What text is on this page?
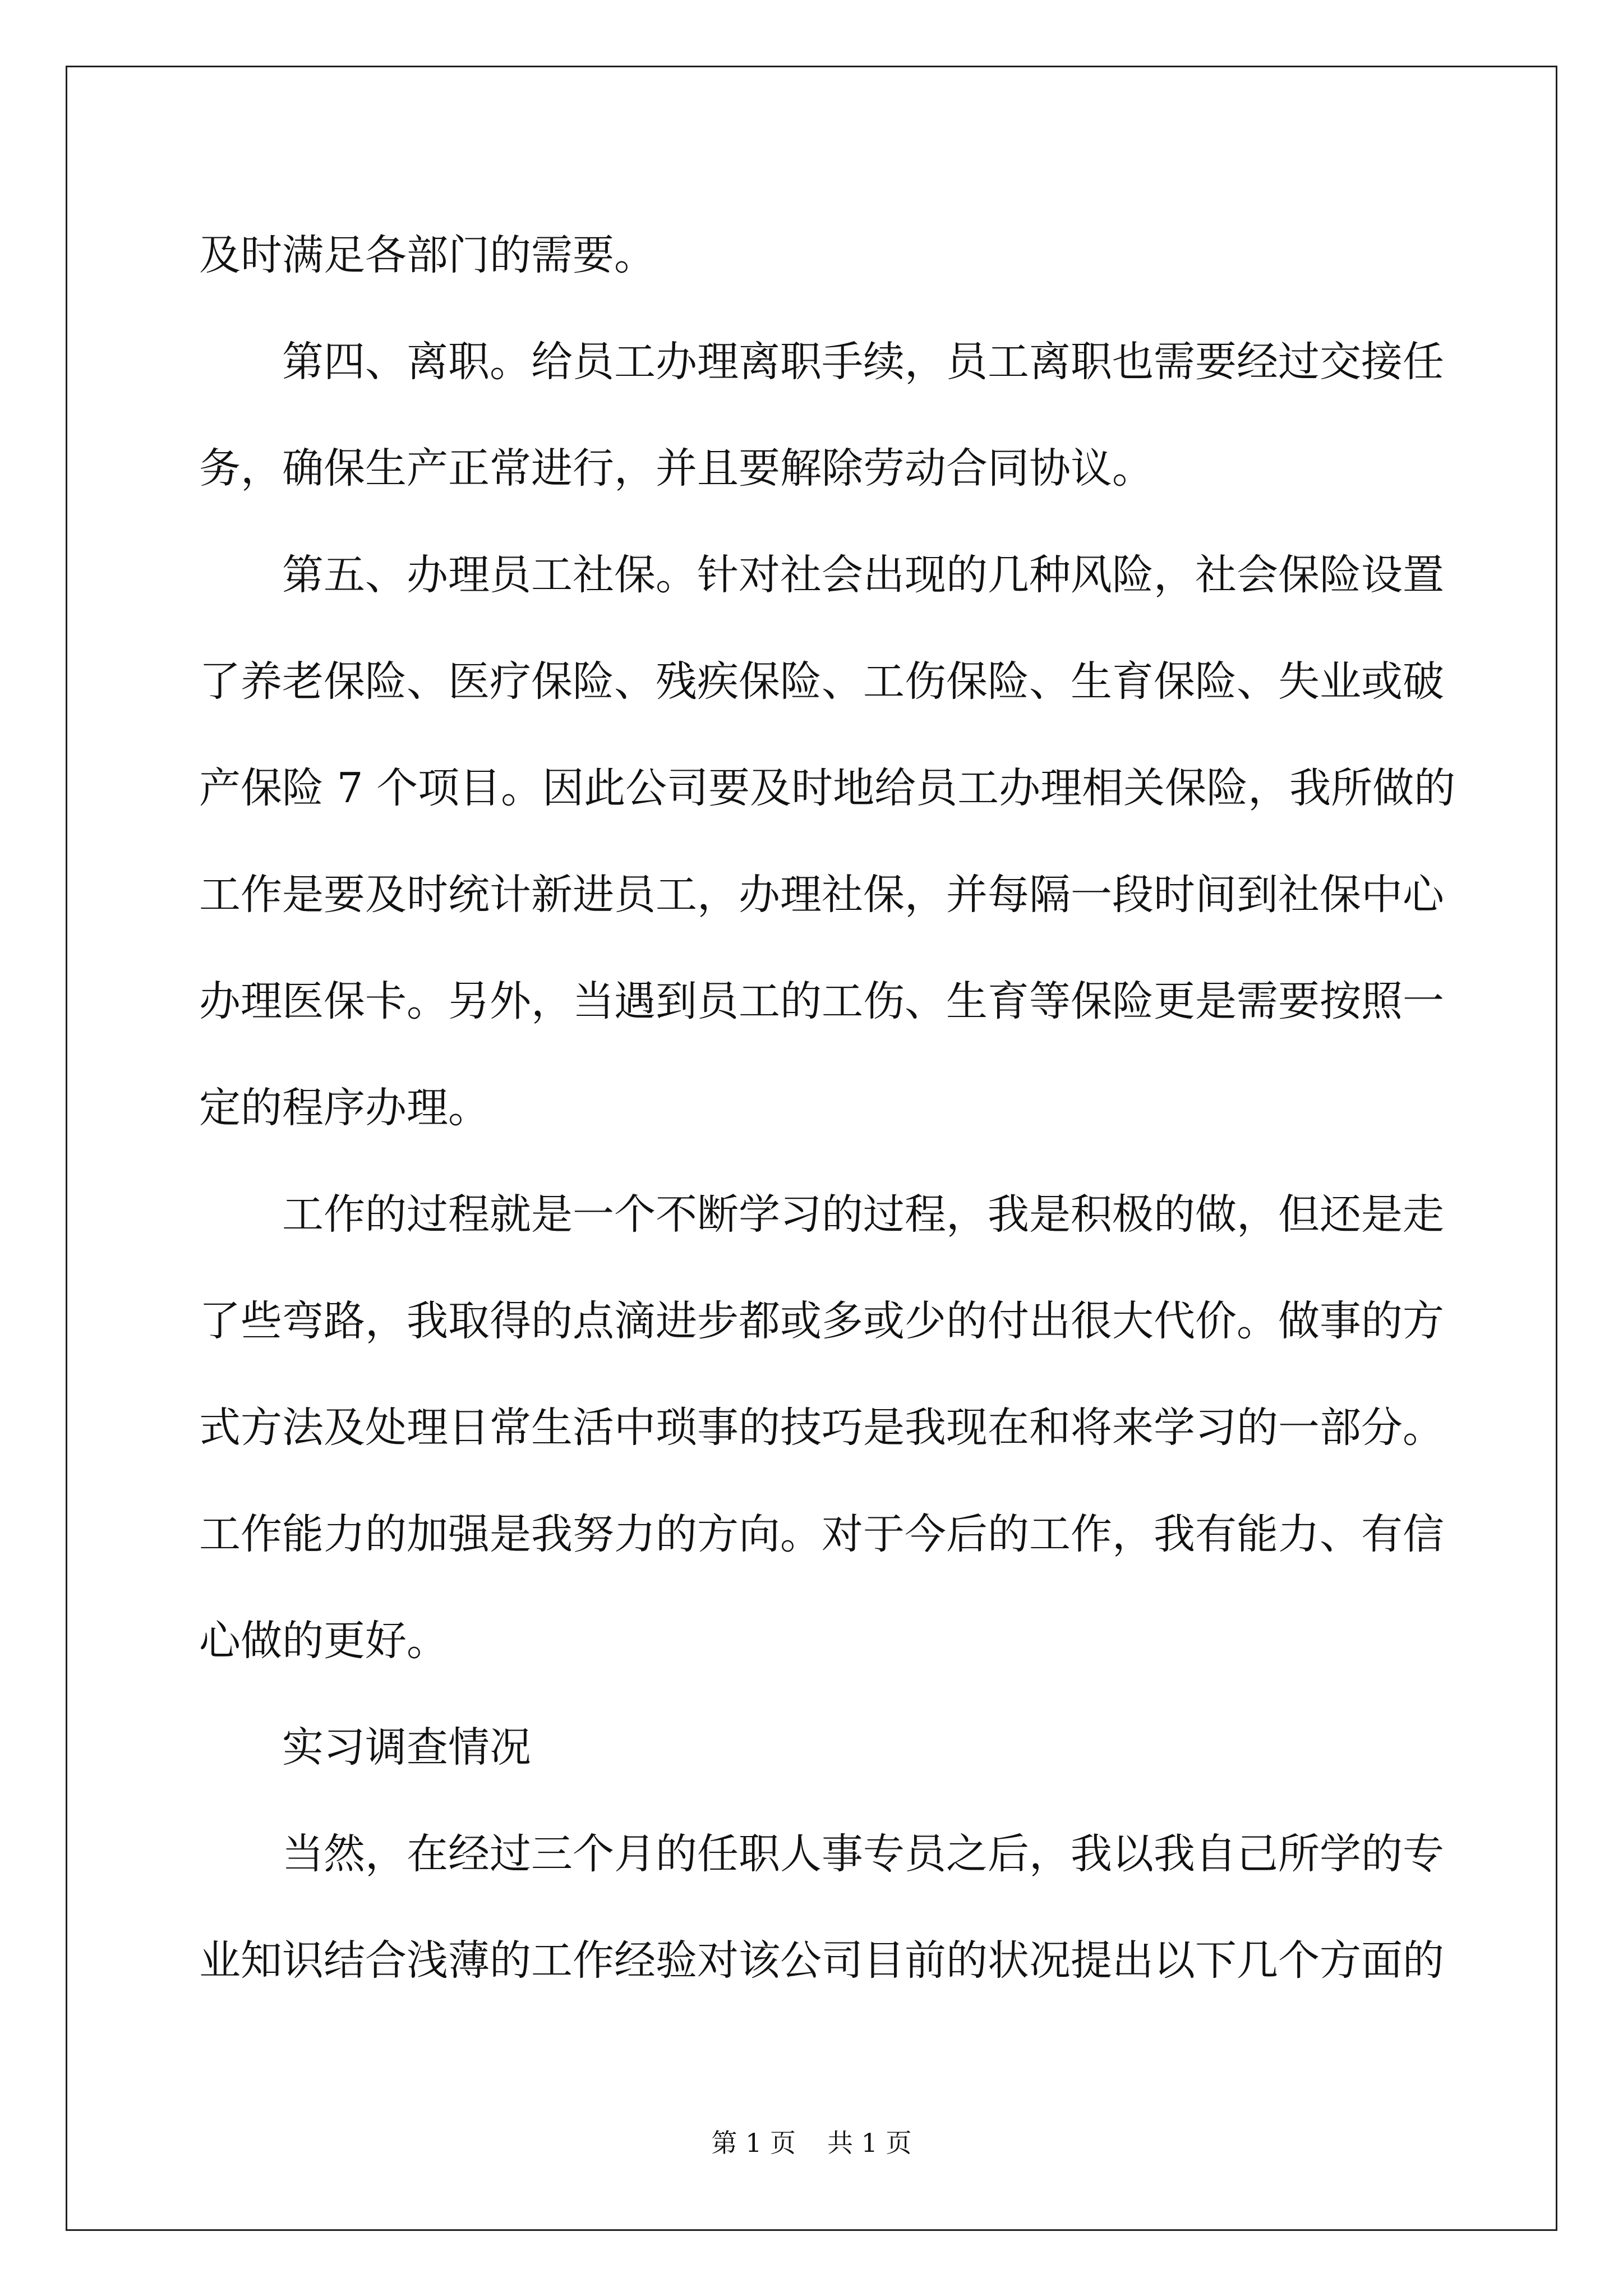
及时满足各部门的需要。
第四、离职。给员工办理离职手续，员工离职也需要经过交接任
务，确保生产正常进行，并且要解除劳动合同协议。
第五、办理员工社保。针对社会出现的几种风险，社会保险设置
了养老保险、医疗保险、残疾保险、工伤保险、生育保险、失业或破
产保险 7 个项目。因此公司要及时地给员工办理相关保险，我所做的
工作是要及时统计新进员工，办理社保，并每隔一段时间到社保中心
办理医保卡。另外，当遇到员工的工伤、生育等保险更是需要按照一
定的程序办理。
工作的过程就是一个不断学习的过程，我是积极的做，但还是走
了些弯路，我取得的点滴进步都或多或少的付出很大代价。做事的方
式方法及处理日常生活中琐事的技巧是我现在和将来学习的一部分。
工作能力的加强是我努力的方向。对于今后的工作，我有能力、有信
心做的更好。
实习调查情况
当然，在经过三个月的任职人事专员之后，我以我自己所学的专
业知识结合浅薄的工作经验对该公司目前的状况提出以下几个方面的
第 1 页 共 1 页
